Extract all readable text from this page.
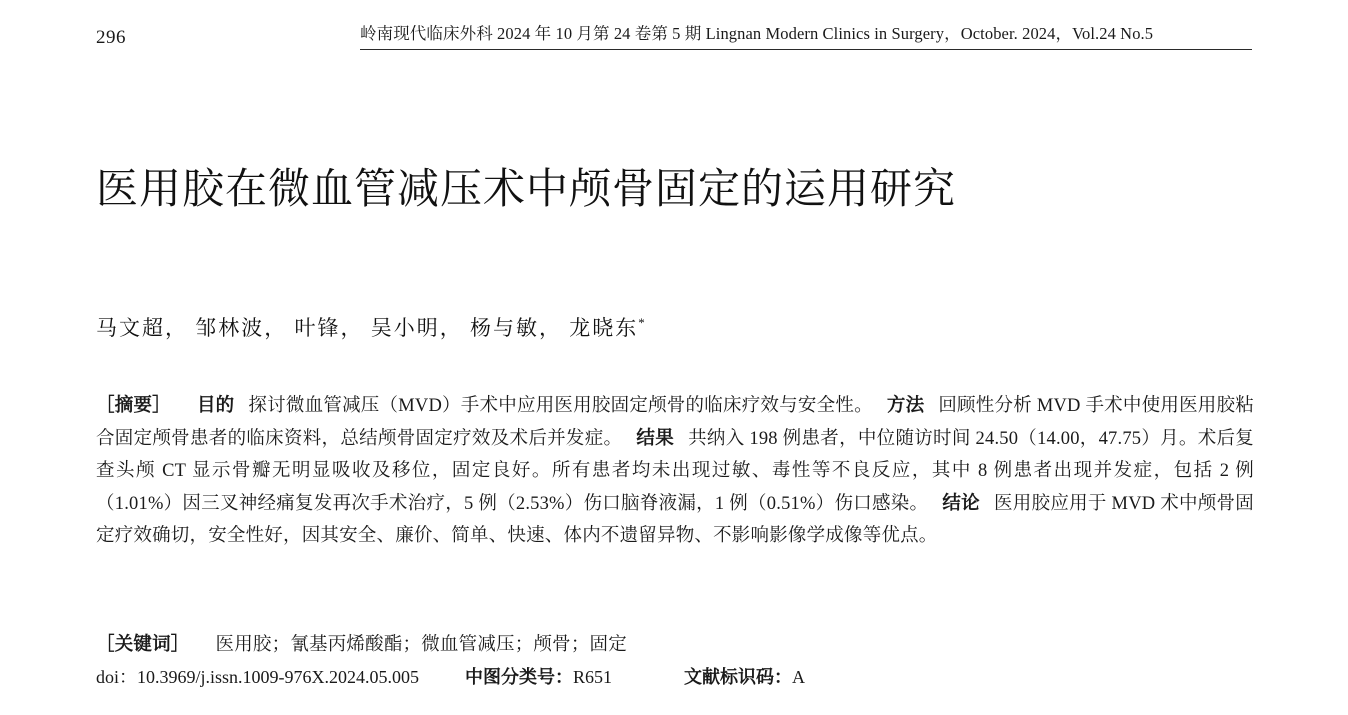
296	岭南现代临床外科 2024 年 10 月第 24 卷第 5 期 Lingnan Modern Clinics in Surgery，October. 2024，Vol.24 No.5
医用胶在微血管减压术中颅骨固定的运用研究
马文超， 邹林波， 叶锋， 吴小明， 杨与敏， 龙晓东*

［摘要］ 目的 探讨微血管减压（MVD）手术中应用医用胶固定颅骨的临床疗效与安全性。 方法 回顾性分析 MVD 手术中使用医用胶粘合固定颅骨患者的临床资料，总结颅骨固定疗效及术后并发症。 结果 共纳入 198 例患者，中位随访时间 24.50（14.00，47.75）月。术后复查头颅 CT 显示骨瓣无明显吸收及移位，固定良好。所有患者均未出现过敏、毒性等不良反应，其中 8 例患者出现并发症，包括 2 例（1.01%）因三叉神经痛复发再次手术治疗，5 例（2.53%）伤口脑脊液漏，1 例（0.51%）伤口感染。 结论 医用胶应用于 MVD 术中颅骨固定疗效确切，安全性好，因其安全、廉价、简单、快速、体内不遗留异物、不影响影像学成像等优点。

［关键词］ 医用胶；氰基丙烯酸酯；微血管减压；颅骨；固定
doi：10.3969/j.issn.1009-976X.2024.05.005	中图分类号：R651	文献标识码：A
